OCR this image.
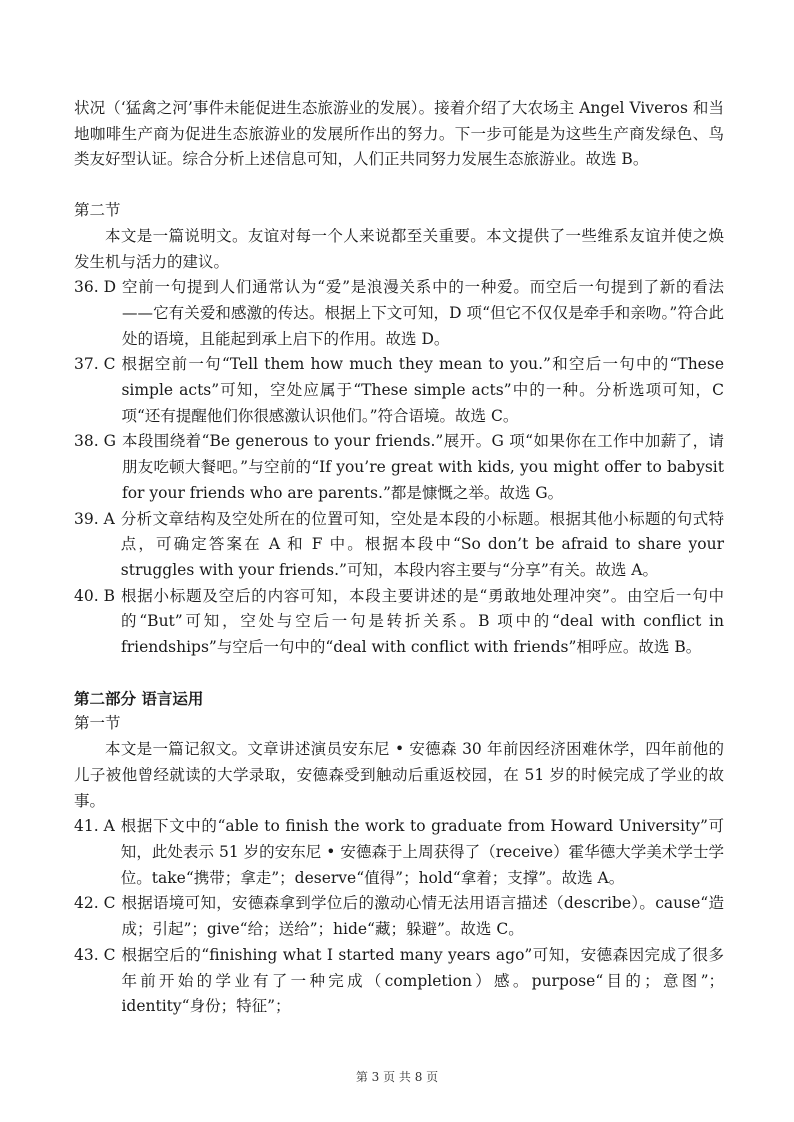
状况（‘猛禽之河’事件未能促进生态旅游业的发展）。接着介绍了大农场主 Angel Viveros 和当地咖啡生产商为促进生态旅游业的发展所作出的努力。下一步可能是为这些生产商发绿色、鸟类友好型认证。综合分析上述信息可知，人们正共同努力发展生态旅游业。故选 B。

第二节

本文是一篇说明文。友谊对每一个人来说都至关重要。本文提供了一些维系友谊并使之焕发生机与活力的建议。

36. D 空前一句提到人们通常认为“爱”是浪漫关系中的一种爱。而空后一句提到了新的看法——它有关爱和感激的传达。根据上下文可知，D 项“但它不仅仅是牵手和亲吻。”符合此处的语境，且能起到承上启下的作用。故选 D。
37. C 根据空前一句“Tell them how much they mean to you.”和空后一句中的“These simple acts”可知，空处应属于“These simple acts”中的一种。分析选项可知，C 项“还有提醒他们你很感激认识他们。”符合语境。故选 C。
38. G 本段围绕着“Be generous to your friends.”展开。G 项“如果你在工作中加薪了，请朋友吃顿大餐吧。”与空前的“If you’re great with kids, you might offer to babysit for your friends who are parents.”都是慷慨之举。故选 G。
39. A 分析文章结构及空处所在的位置可知，空处是本段的小标题。根据其他小标题的句式特点，可确定答案在 A 和 F 中。根据本段中“So don’t be afraid to share your struggles with your friends.”可知，本段内容主要与“分享”有关。故选 A。
40. B 根据小标题及空后的内容可知，本段主要讲述的是“勇敢地处理冲突”。由空后一句中的“But”可知，空处与空后一句是转折关系。B 项中的“deal with conflict in friendships”与空后一句中的“deal with conflict with friends”相呼应。故选 B。

第二部分 语言运用

第一节

本文是一篇记叙文。文章讲述演员安东尼 • 安德森 30 年前因经济困难休学，四年前他的儿子被他曾经就读的大学录取，安德森受到触动后重返校园，在 51 岁的时候完成了学业的故事。

41. A 根据下文中的“able to finish the work to graduate from Howard University”可知，此处表示 51 岁的安东尼 • 安德森于上周获得了（receive）霍华德大学美术学士学位。take“携带；拿走”；deserve“值得”；hold“拿着；支撑”。故选 A。
42. C 根据语境可知，安德森拿到学位后的激动心情无法用语言描述（describe）。cause“造成；引起”；give“给；送给”；hide“藏；躲避”。故选 C。
43. C 根据空后的“finishing what I started many years ago”可知，安德森因完成了很多年前开始的学业有了一种完成（completion）感。purpose“目的；意图”；identity“身份；特征”；
第 3 页 共 8 页
